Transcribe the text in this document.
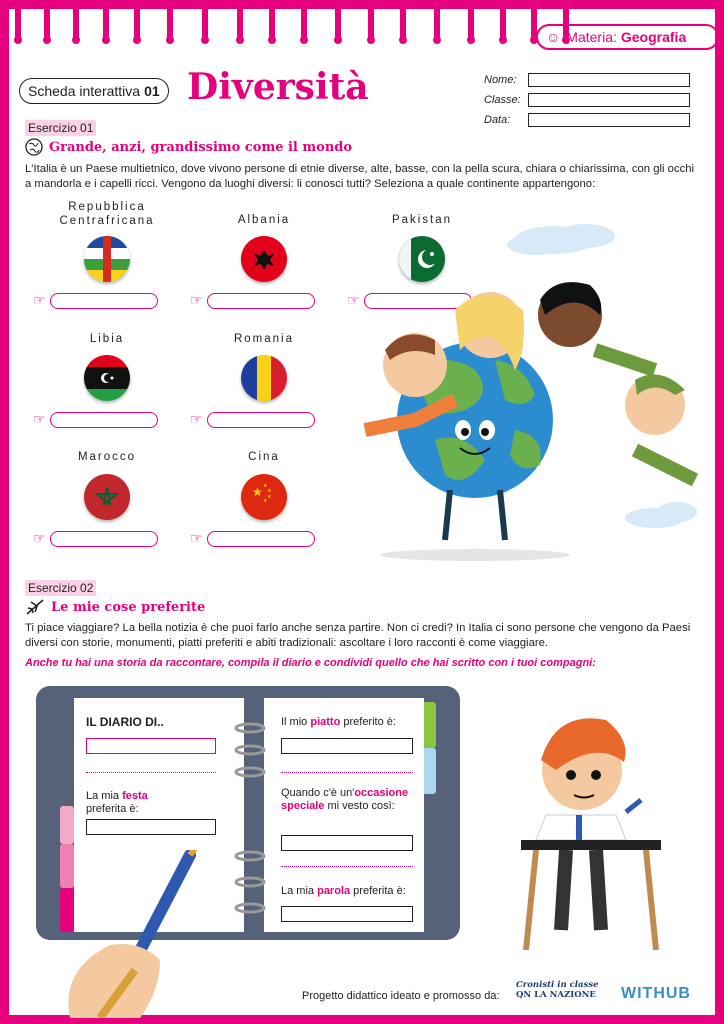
☺ Materia: Geografia
Scheda interattiva 01 Diversità	Nome:
Classe:
Data:
Esercizio 01
Grande, anzi, grandissimo come il mondo
L'Italia è un Paese multietnico, dove vivono persone di etnie diverse, alte, basse, con la pella scura, chiara o chiarissima, con gli occhi a mandorla e i capelli ricci. Vengono da luoghi diversi: li conosci tutti? Seleziona a quale continente appartengono:
Repubblica Centrafricana
☞
Albania
☞
Pakistan
☞
Libia
☞
Romania
☞
Marocco
☞
Cina
★ ★
★
★
★
☞
Esercizio 02
Le mie cose preferite
Ti piace viaggiare? La bella notizia è che puoi farlo anche senza partire. Non ci credi? In Italia ci sono persone che vengono da Paesi diversi con storie, monumenti, piatti preferiti e abiti tradizionali: ascoltare i loro racconti è come viaggiare.
Anche tu hai una storia da raccontare, compila il diario e condividi quello che hai scritto con i tuoi compagni:
IL DIARIO DI..
La mia festa
preferita è:
Il mio piatto preferito è:
Quando c'è un'occasione speciale mi vesto così:
La mia parola preferita è:
Progetto didattico ideato e promosso da:
Cronisti in classe
QN LA NAZIONE WITHUB
